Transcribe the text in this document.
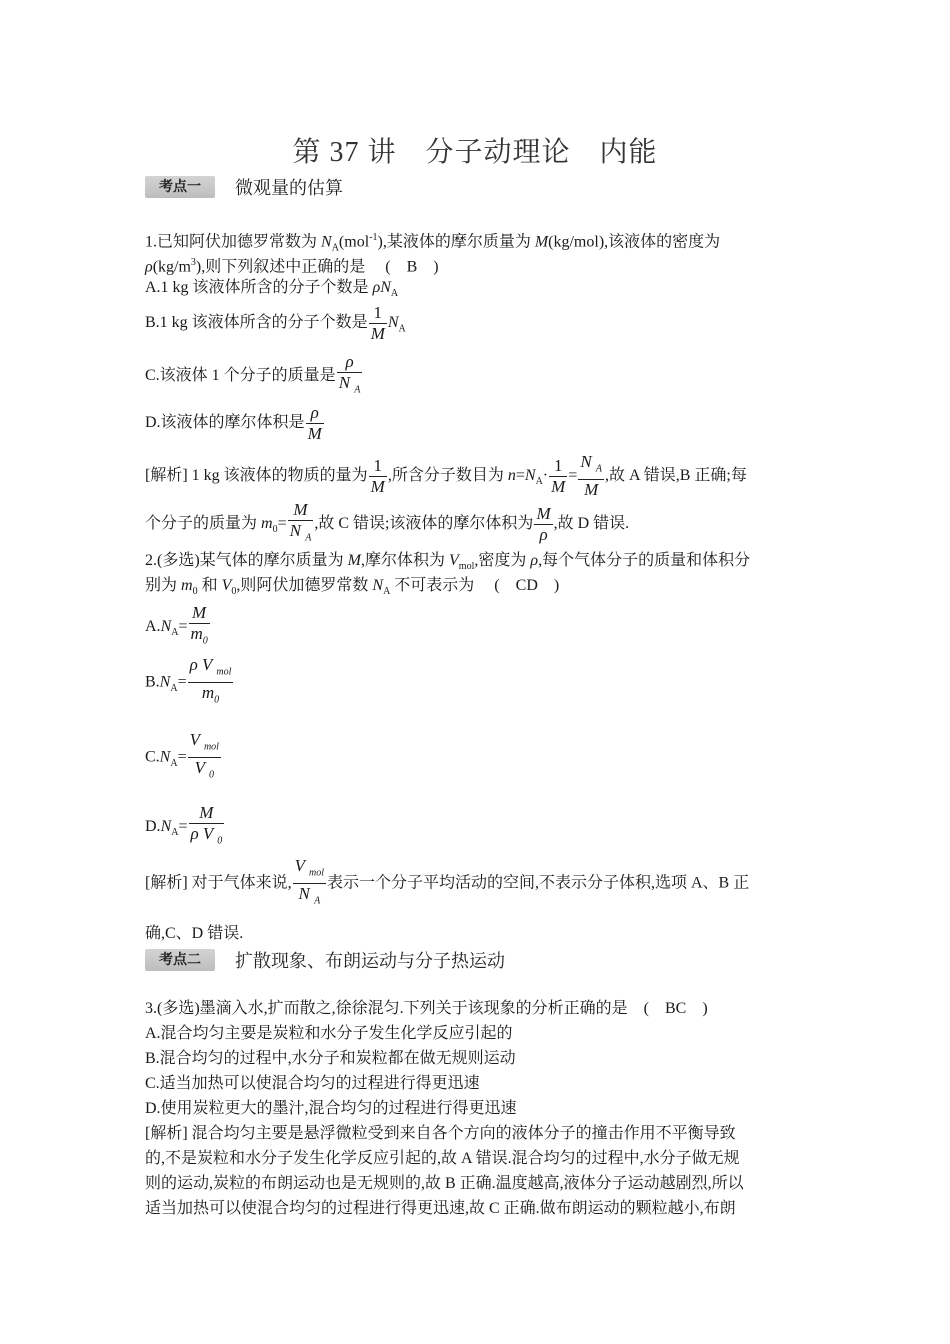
第 37 讲　分子动理论　内能
考点一	微观量的估算
1.已知阿伏加德罗常数为 $N_A(mol^{-1})$,某液体的摩尔质量为 M(kg/mol),该液体的密度为
$\rho(kg/m^3)$,则下列叙述中正确的是　 (　B　)
A.1 kg 该液体所含的分子个数是 $\rho N_A$
B.1 kg 该液体所含的分子个数是 $\frac{1}{M} N_A$
C.该液体 1 个分子的质量是 $\frac{\rho}{N _A}$
D.该液体的摩尔体积是 $\frac{\rho}{M}$
[解析] 1 kg 该液体的物质的量为 $\frac{1}{M}$ ,所含分子数目为 $n=N_A\cdot \frac{1}{M} = \frac{N _A}{M}$ ,故 A 错误,B 正确;每
个分子的质量为 $m_0= \frac{M}{N _A}$ ,故 C 错误;该液体的摩尔体积为 $\frac{M}{\rho}$ ,故 D 错误.
2.(多选)某气体的摩尔质量为 M,摩尔体积为 $V_{mol}$,密度为 ρ,每个气体分子的质量和体积分
别为 $m_0$ 和 $V_0$,则阿伏加德罗常数 $N_A$ 不可表示为　 (　CD　)
$A.N_A= \frac{M}{m_0}$
$B.N_A= \frac{\rho V _{mol}}{m_0}$
$C.N_A= \frac{V _{mol}}{V _0}$
$D.N_A= \frac{M}{\rho V _0}$
[解析] 对于气体来说, $\frac{V _{mol}}{N _A}$ 表示一个分子平均活动的空间,不表示分子体积,选项 A、B 正
确,C、D 错误.
考点二	扩散现象、布朗运动与分子热运动
3.(多选)墨滴入水,扩而散之,徐徐混匀.下列关于该现象的分析正确的是　(　BC　)
A.混合均匀主要是炭粒和水分子发生化学反应引起的
B.混合均匀的过程中,水分子和炭粒都在做无规则运动
C.适当加热可以使混合均匀的过程进行得更迅速
D.使用炭粒更大的墨汁,混合均匀的过程进行得更迅速
[解析] 混合均匀主要是悬浮微粒受到来自各个方向的液体分子的撞击作用不平衡导致
的,不是炭粒和水分子发生化学反应引起的,故 A 错误.混合均匀的过程中,水分子做无规
则的运动,炭粒的布朗运动也是无规则的,故 B 正确.温度越高,液体分子运动越剧烈,所以
适当加热可以使混合均匀的过程进行得更迅速,故 C 正确.做布朗运动的颗粒越小,布朗
